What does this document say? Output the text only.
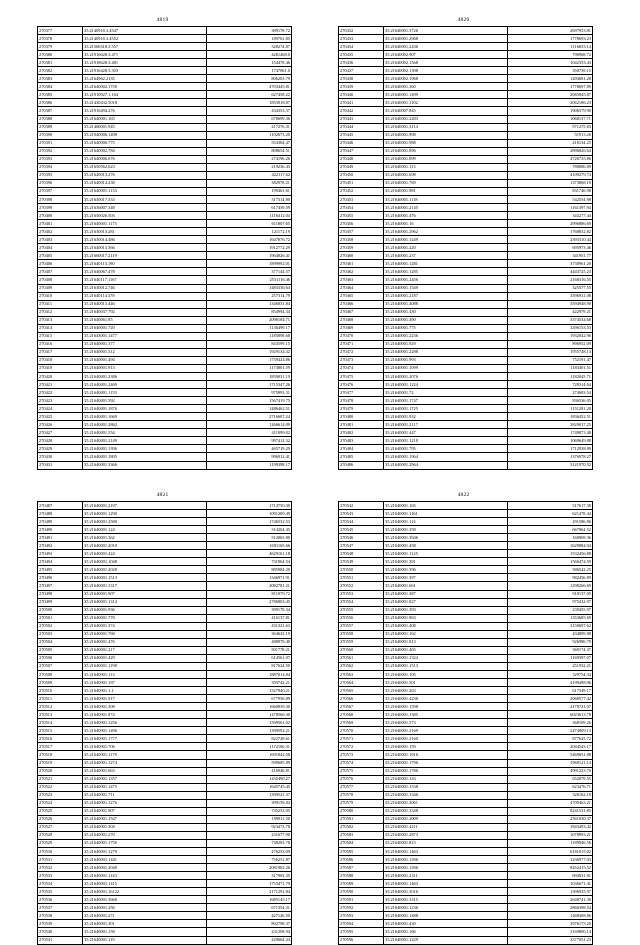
4819
270377	35.2140918.3.4547	389178.72
270378	35.2140918.3.4552	189761.85
270379	35.21560318.3.557	328274.87
270380	35.21916628.3.471	4261468.0
270381	35.21918628.3.481	154478.46
270382	35.21916428.3.503	1747061.0
270383	35.2164962.2135	806203.79
270384	35.21640002.1750	4703445.81
270385	35.21910927.1.164	627458.22
270386	35.21430432.5018	1853918.87
270387	35.21916494.276	434353.37
270388	35.21640001.165	678699.36
270389	35.21460001.945	217276.31
270390	35.21940006.1498	1102673.20
270391	35.21640006.775	554364.47
270392	35.21640002.784	808654.51
270393	35.21640006.676	274196.26
270394	35.21650562.623	219236.43
270395	35.21620013.276	422117.62
270396	35.21640014.238	382978.21
270397	35.21640001.1133	199461.61
270398	35.21630017.333	317314.80
270399	35.21636007.348	617439.59
270400	35.21650026.503	1116412.04
270401	35.21640001.1175	611807.65
270402	35.21630013.281	121172.19
270403	35.21630014.486	1647876.72
270404	35.21640013.566	1912772.29
270405	35.21660017.2119	1964826.41
270406	35.21640113.190	1899992.01
270407	35.21640067.478	377144.57
270408	35.21640117.1167	2531116.46
270409	35.21630012.746	1483336.64
270410	35.21640114.378	257314.79
270411	35.21640013.446	1346031.84
270412	35.21640037.792	854994.34
270413	35.21640061.85	2098184.71
270414	35.21640001.720	1136499.17
270415	35.21643001.1477	1185898.68
270416	35.21640001.377	843599.15
270417	35.21640001.512	1929134.32
270418	35.21640001.494	1759424.86
270419	35.21640001.913	1174801.59
270420	35.21640001.2386	1859031.19
270421	35.21640001.2469	1715347.26
270422	35.21640001.1153	975893.31
270423	35.21640001.592	1567419.75
270424	35.21640001.1876	1486462.51
270425	35.21640001.1669	2716687.24
270426	35.21640001.2862	1266614.09
270427	35.21640001.554	411099.02
270428	35.21640001.2149	997412.32
270429	35.21640001.1396	465719.29
270430	35.21640001.1805	996912.41
270431	35.21640001.3366	1199398.17
4820
270432	35.21640001.3726	2697953.81
270433	35.21640001.2968	1778693.23
270434	35.21640001.2436	1116653.14
270435	35.21640002.907	790968.72
270436	35.21640002.1568	1042353.43
270437	35.21640002.1398	350739.15
270438	35.21640002.1968	1203681.28
270439	35.21640001.360	1778697.89
270440	35.21640001.1499	2083945.87
270441	35.21640001.1102	2062186.23
270442	35.21640007.845	1906579.90
270443	35.21640001.2283	1068137.71
270444	35.21640001.3114	971275.83
270445	35.21640001.998	51913.26
270446	35.21640001.988	416134.25
270447	35.21640001.896	2896826.64
270448	35.21640001.899	4726735.86
270449	35.21640001.113	780886.89
270450	35.21640001.698	4109279.74
270451	35.21640001.769	1373868.10
270452	35.21640001.981	831746.98
270453	35.21640001.1118	542554.98
270454	35.21640001.2145	1161397.94
270455	35.21640001.476	343277.44
270456	35.21640001.16	2996886.69
270457	35.21640001.2962	1768832.82
270458	35.21640001.1249	2393310.44
270459	35.21640001.220	695973.46
270460	35.21640001.237	341951.77
270461	35.21640001.1281	3730961.20
270462	35.21640001.1285	4443725.23
270463	35.21640001.2456	2168316.55
270464	35.21640001.1549	325577.55
270465	35.21640001.2187	3596931.08
270466	35.21640001.4088	3594948.90
270467	35.21640001.430	422979.21
270468	35.21640001.490	3374534.68
270469	35.21640001.775	3396153.53
270470	35.21640001.2236	1932042.96
270471	35.21640001.929	896952.09
270472	35.21640001.2288	1955748.13
270473	35.21640001.993	752191.47
270474	35.21640001.1099	1183401.51
270475	35.21640001.2076	1182045.71
270476	35.21640001.1224	728314.64
270477	35.21640001.72	274683.54
270478	35.21640001.1747	836536.05
270479	35.21640001.1725	1151281.20
270480	35.21640001.932	1836452.51
270481	35.21640001.2117	3820017.25
270482	35.21640001.447	1749873.48
270483	35.21640001.1218	1069649.88
270484	35.21640001.795	1712938.89
270485	35.21640001.1964	1376978.27
270486	35.21640001.2964	3121970.52
4821
270487	35.21640001.2197	1714750.30
270488	35.21640001.1290	1091209.49
270489	35.21640001.2580	1746532.53
270490	35.21640001.124	314204.45
270491	35.21640001.362	512063.80
270492	35.21640001.2010	1691165.66
270493	35.21640001.424	4629161.18
270494	35.21640001.1048	731964.54
270495	35.21640001.2028	885984.20
270496	35.21640001.1513	1346971.91
270497	35.21640001.3317	2082781.21
270498	35.21640001.907	811079.72
270499	35.21640001.1314	2786803.45
270500	35.21640001.936	399178.34
270501	35.21640001.778	416137.81
270502	35.21640001.374	431321.63
270503	35.21640001.768	364623.19
270504	35.21640001.476	488979.40
270505	35.21640001.217	501778.21
270506	35.21640001.429	614561.07
270507	35.21640001.1198	817624.50
270508	35.21640001.113	1887014.84
270509	35.21640001.197	359742.21
270510	35.21640001.1.1	1527940.21
270511	35.21640001.917	677956.89
270512	35.21640001.308	1660839.30
270513	35.21640001.874	1478566.30
270514	35.21640001.1256	1599561.02
270515	35.21640001.1496	1399592.21
270516	35.21640001.1777	822728.61
270517	35.21640001.706	1172106.31
270518	35.21640001.1170	1691842.58
270519	35.21640001.1274	599685.89
270520	35.21640001.663	416946.81
270521	35.21640001.1357	1435490.27
270522	35.21640001.1475	1645745.45
270523	35.21640001.711	1399521.37
270524	35.21640001.1276	399159.84
270525	35.21640001.907	745253.05
270526	35.21640001.1547	199811.50
270527	35.21640001.304	923473.78
270528	35.21640001.270	231677.90
270529	35.21640001.1750	748203.78
270530	35.21640001.1279	476253.09
270531	35.21640001.1441	756251.87
270532	35.21640001.2049	2081902.26
270533	35.21640001.1143	317902.35
270534	35.21640001.1415	1753471.79
270535	35.21640001.16122	2171291.84
270536	35.21640001.3660	1685145.17
270537	35.21640001.256	671354.31
270538	35.21640001.271	427126.50
270539	35.21640001.301	802798.37
270540	35.21640001.158	231208.94
270541	35.21640001.119	429664.34
4822
270542	35.21640001.165	517617.38
270543	35.21640001.1161	621478.44
270544	35.21640001.114	291586.86
270545	35.21640001.358	667864.52
270546	35.21640001.3946	160969.36
270547	35.21640001.458	1629884.04
270548	35.21640001.1125	1532456.88
270549	35.21640001.391	1566474.59
270550	35.21640001.396	586542.25
270551	35.21640001.397	982456.89
270552	35.21640001.661	1298266.69
270553	35.21640001.387	918137.05
270554	35.21640001.827	975432.97
270555	35.21640001.393	239455.97
270556	35.21640001.963	1353685.69
270557	35.21640001.408	3150697.62
270558	35.21640001.162	434809.88
270559	35.21640001.813	926986.79
270560	35.21640001.465	369174.37
270561	35.21640001.1324	1169397.07
270562	35.21640001.1513	251932.21
270563	35.21640001.105	329754.34
270564	35.21640001.501	4199498.96
270565	35.21640001.263	617549.17
270566	35.21640001.4236	2068577.42
270567	35.21640001.1598	2179721.07
270568	35.21640001.1385	6023613.78
270569	35.21640001.573	368109.26
270570	35.21640001.2169	2474009.13
270571	35.21640001.2160	877625.72
270572	35.21640001.159	2044543.17
270573	35.21640001.1916	5469651.88
270574	35.21640001.1796	1969121.14
270575	35.21640001.1786	4991223.70
270576	35.21640001.143	652079.55
270577	35.21640001.1538	623476.71
270578	35.21640001.1346	326162.18
270579	35.21640001.2061	4709463.21
270580	35.21640001.3348	8241531.85
270581	35.21640001.2009	2561030.37
270582	35.21640001.4211	1843493.42
270583	35.21640001.2873	1078993.21
270584	35.21640001.815	1189946.56
270585	35.21640001.1463	6181015.02
270586	35.21640001.1396	1236977.03
270587	35.21640001.1396	8452415.52
270588	35.21640001.2311	694031.91
270589	35.21640001.1463	1036671.41
270590	35.21640001.3016	1396935.97
270591	35.21640001.3315	2648741.36
270592	35.21640001.1236	2866398.54
270593	35.21640001.1488	1268368.86
270594	35.21640001.430	3976175.20
270595	35.21640001.166	3169800.14
270596	35.21640001.1229	3377051.23
